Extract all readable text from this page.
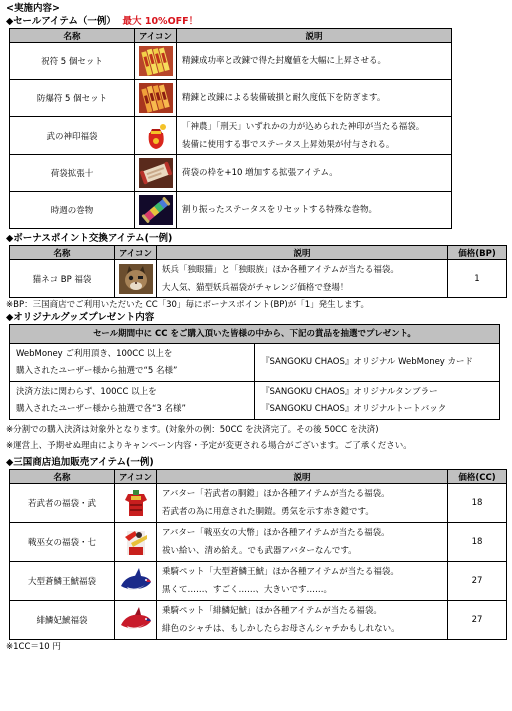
<実施内容>
◆セールアイテム（一例） 最大 10%OFF！
名称	アイコン	説明
祝符 5 個セット		精錬成功率と改錬で得た封魔値を大幅に上昇させる。

防爆符 5 個セット		精錬と改錬による装備破損と耐久度低下を防ぎます。

武の神印福袋		「神農」「刑天」いずれかの力が込められた神印が当たる福袋。
装備に使用する事でステータス上昇効果が付与される。

荷袋拡張十		荷袋の枠を+10 増加する拡張アイテム。

時週の巻物		割り振ったステータスをリセットする特殊な巻物。
◆ボーナスポイント交換アイテム(一例)
名称	アイコン	説明	価格(BP)
猫ネコ BP 福袋		妖兵「独眼猫」と「独眼族」ほか各種アイテムが当たる福袋。
大人気、猫型妖兵福袋がチャレンジ価格で登場！	1
※BP：三国商店でご利用いただいた CC「30」毎にボーナスポイント(BP)が「1」発生します。
◆オリジナルグッズプレゼント内容
セール期間中に CC をご購入頂いた皆様の中から、下記の賞品を抽選でプレゼント。	

WebMoney ご利用頂き、100CC 以上を
購入されたユーザー様から抽選で“5 名様”	『SANGOKU CHAOS』オリジナル WebMoney カード

決済方法に関わらず、100CC 以上を
購入されたユーザー様から抽選で各“3 名様”	『SANGOKU CHAOS』オリジナルタンブラー
『SANGOKU CHAOS』オリジナルトートバック
※分割での購入決済は対象外となります。(対象外の例：50CC を決済完了。その後 50CC を決済)
※運営上、予期せぬ理由によりキャンペーン内容・予定が変更される場合がございます。ご了承ください。
◆三国商店追加販売アイテム(一例)
名称	アイコン	説明	価格(CC)
若武者の福袋・武		アバター「若武者の胴鎧」ほか各種アイテムが当たる福袋。
若武者の為に用意された胴鎧。勇気を示す赤き鎧です。	18
戦巫女の福袋・七		アバター「戦巫女の大幣」ほか各種アイテムが当たる福袋。
祓い給い、清め給え。でも武器アバターなんです。	18
大型蒼鱗王鯱福袋		乗騎ペット「大型蒼鱗王鯱」ほか各種アイテムが当たる福袋。
黒くて……、すごく……、大きいです……。	27
緋鱗妃鯱福袋		乗騎ペット「緋鱗妃鯱」ほか各種アイテムが当たる福袋。
緋色のシャチは、もしかしたらお母さんシャチかもしれない。	27
※1CC＝10 円
